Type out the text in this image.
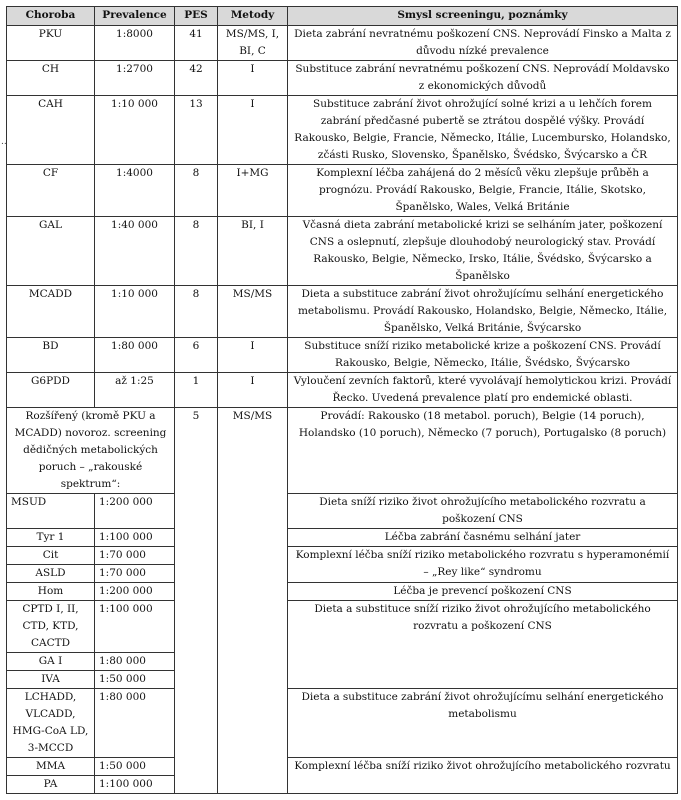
..
Choroba	Prevalence	PES	Metody	Smysl screeningu, poznámky
PKU	1:8000	41	MS/MS, I, BI, C	Dieta zabrání nevratnému poškození CNS. Neprovádí Finsko a Malta z důvodu nízké prevalence
CH	1:2700	42	I	Substituce zabrání nevratnému poškození CNS. Neprovádí Moldavsko z ekonomických důvodů
CAH	1:10 000	13	I	Substituce zabrání život ohrožující solné krizi a u lehčích forem zabrání předčasné pubertě se ztrátou dospělé výšky. Provádí Rakousko, Belgie, Francie, Německo, Itálie, Lucembursko, Holandsko, zčásti Rusko, Slovensko, Španělsko, Švédsko, Švýcarsko a ČR
CF	1:4000	8	I+MG	Komplexní léčba zahájená do 2 měsíců věku zlepšuje průběh a prognózu. Provádí Rakousko, Belgie, Francie, Itálie, Skotsko, Španělsko, Wales, Velká Británie
GAL	1:40 000	8	BI, I	Včasná dieta zabrání metabolické krizi se selháním jater, poškození CNS a oslepnutí, zlepšuje dlouhodobý neurologický stav. Provádí Rakousko, Belgie, Německo, Irsko, Itálie, Švédsko, Švýcarsko a Španělsko
MCADD	1:10 000	8	MS/MS	Dieta a substituce zabrání život ohrožujícímu selhání energetického metabolismu. Provádí Rakousko, Holandsko, Belgie, Německo, Itálie, Španělsko, Velká Británie, Švýcarsko
BD	1:80 000	6	I	Substituce sníží riziko metabolické krize a poškození CNS. Provádí Rakousko, Belgie, Německo, Itálie, Švédsko, Švýcarsko
G6PDD	až 1:25	1	I	Vyloučení zevních faktorů, které vyvolávají hemolytickou krizi. Provádí Řecko. Uvedená prevalence platí pro endemické oblasti.
Rozšířený (kromě PKU a MCADD) novoroz. screening dědičných metabolických poruch – „rakouské spektrum“:		5	MS/MS	Provádí: Rakousko (18 metabol. poruch), Belgie (14 poruch), Holandsko (10 poruch), Německo (7 poruch), Portugalsko (8 poruch)
MSUD	1:200 000			Dieta sníží riziko život ohrožujícího metabolického rozvratu a poškození CNS
Tyr 1	1:100 000			Léčba zabrání časnému selhání jater
Cit	1:70 000			Komplexní léčba sníží riziko metabolického rozvratu s hyperamonémií – „Rey like“ syndromu
ASLD	1:70 000			
Hom	1:200 000			Léčba je prevencí poškození CNS
CPTD I, II, CTD, KTD, CACTD	1:100 000			Dieta a substituce sníží riziko život ohrožujícího metabolického rozvratu a poškození CNS
GA I	1:80 000			
IVA	1:50 000			
LCHADD, VLCADD, HMG-CoA LD, 3-MCCD	1:80 000			Dieta a substituce zabrání život ohrožujícímu selhání energetického metabolismu
MMA	1:50 000			Komplexní léčba sníží riziko život ohrožujícího metabolického rozvratu
PA	1:100 000			
